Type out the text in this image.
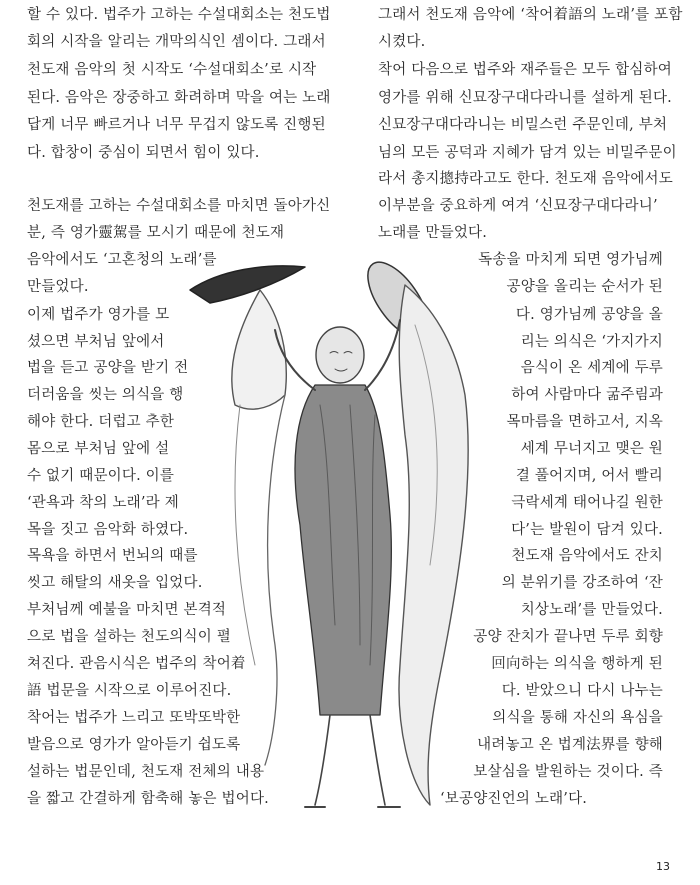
할 수 있다. 법주가 고하는 수설대회소는 천도법
회의 시작을 알리는 개막의식인 셈이다. 그래서
천도재 음악의 첫 시작도 ‘수설대회소’로 시작
된다. 음악은 장중하고 화려하며 막을 여는 노래
답게 너무 빠르거나 너무 무겁지 않도록 진행된
다. 합창이 중심이 되면서 힘이 있다.
천도재를 고하는 수설대회소를 마치면 돌아가신
분, 즉 영가靈駕를 모시기 때문에 천도재
음악에서도 ‘고혼청의 노래’를
만들었다.
이제 법주가 영가를 모
셨으면 부처님 앞에서
법을 듣고 공양을 받기 전
더러움을 씻는 의식을 행
해야 한다. 더럽고 추한
몸으로 부처님 앞에 설
수 없기 때문이다. 이를
‘관욕과 착의 노래’라 제
목을 짓고 음악화 하였다.
목욕을 하면서 번뇌의 때를
씻고 해탈의 새옷을 입었다.
부처님께 예불을 마치면 본격적
으로 법을 설하는 천도의식이 펼
쳐진다. 관음시식은 법주의 착어着
語 법문을 시작으로 이루어진다.
착어는 법주가 느리고 또박또박한
발음으로 영가가 알아듣기 쉽도록
설하는 법문인데, 천도재 전체의 내용
을 짧고 간결하게 함축해 놓은 법어다.
그래서 천도재 음악에 ‘착어着語의 노래’를 포함
시켰다.
착어 다음으로 법주와 재주들은 모두 합심하여
영가를 위해 신묘장구대다라니를 설하게 된다.
신묘장구대다라니는 비밀스런 주문인데, 부처
님의 모든 공덕과 지혜가 담겨 있는 비밀주문이
라서 총지摠持라고도 한다. 천도재 음악에서도
이부분을 중요하게 여겨 ‘신묘장구대다라니’
노래를 만들었다.
독송을 마치게 되면 영가님께
공양을 올리는 순서가 된
다. 영가님께 공양을 올
리는 의식은 ‘가지가지
음식이 온 세계에 두루
하여 사람마다 굶주림과
목마름을 면하고서, 지옥
세계 무너지고 맺은 원
결 풀어지며, 어서 빨리
극락세계 태어나길 원한
다’는 발원이 담겨 있다.
천도재 음악에서도 잔치
의 분위기를 강조하여 ‘잔
치상노래’를 만들었다.
공양 잔치가 끝나면 두루 회향
回向하는 의식을 행하게 된
다. 받았으니 다시 나누는
의식을 통해 자신의 욕심을
내려놓고 온 법계法界를 향해
보살심을 발원하는 것이다. 즉
‘보공양진언의 노래’다.
13
